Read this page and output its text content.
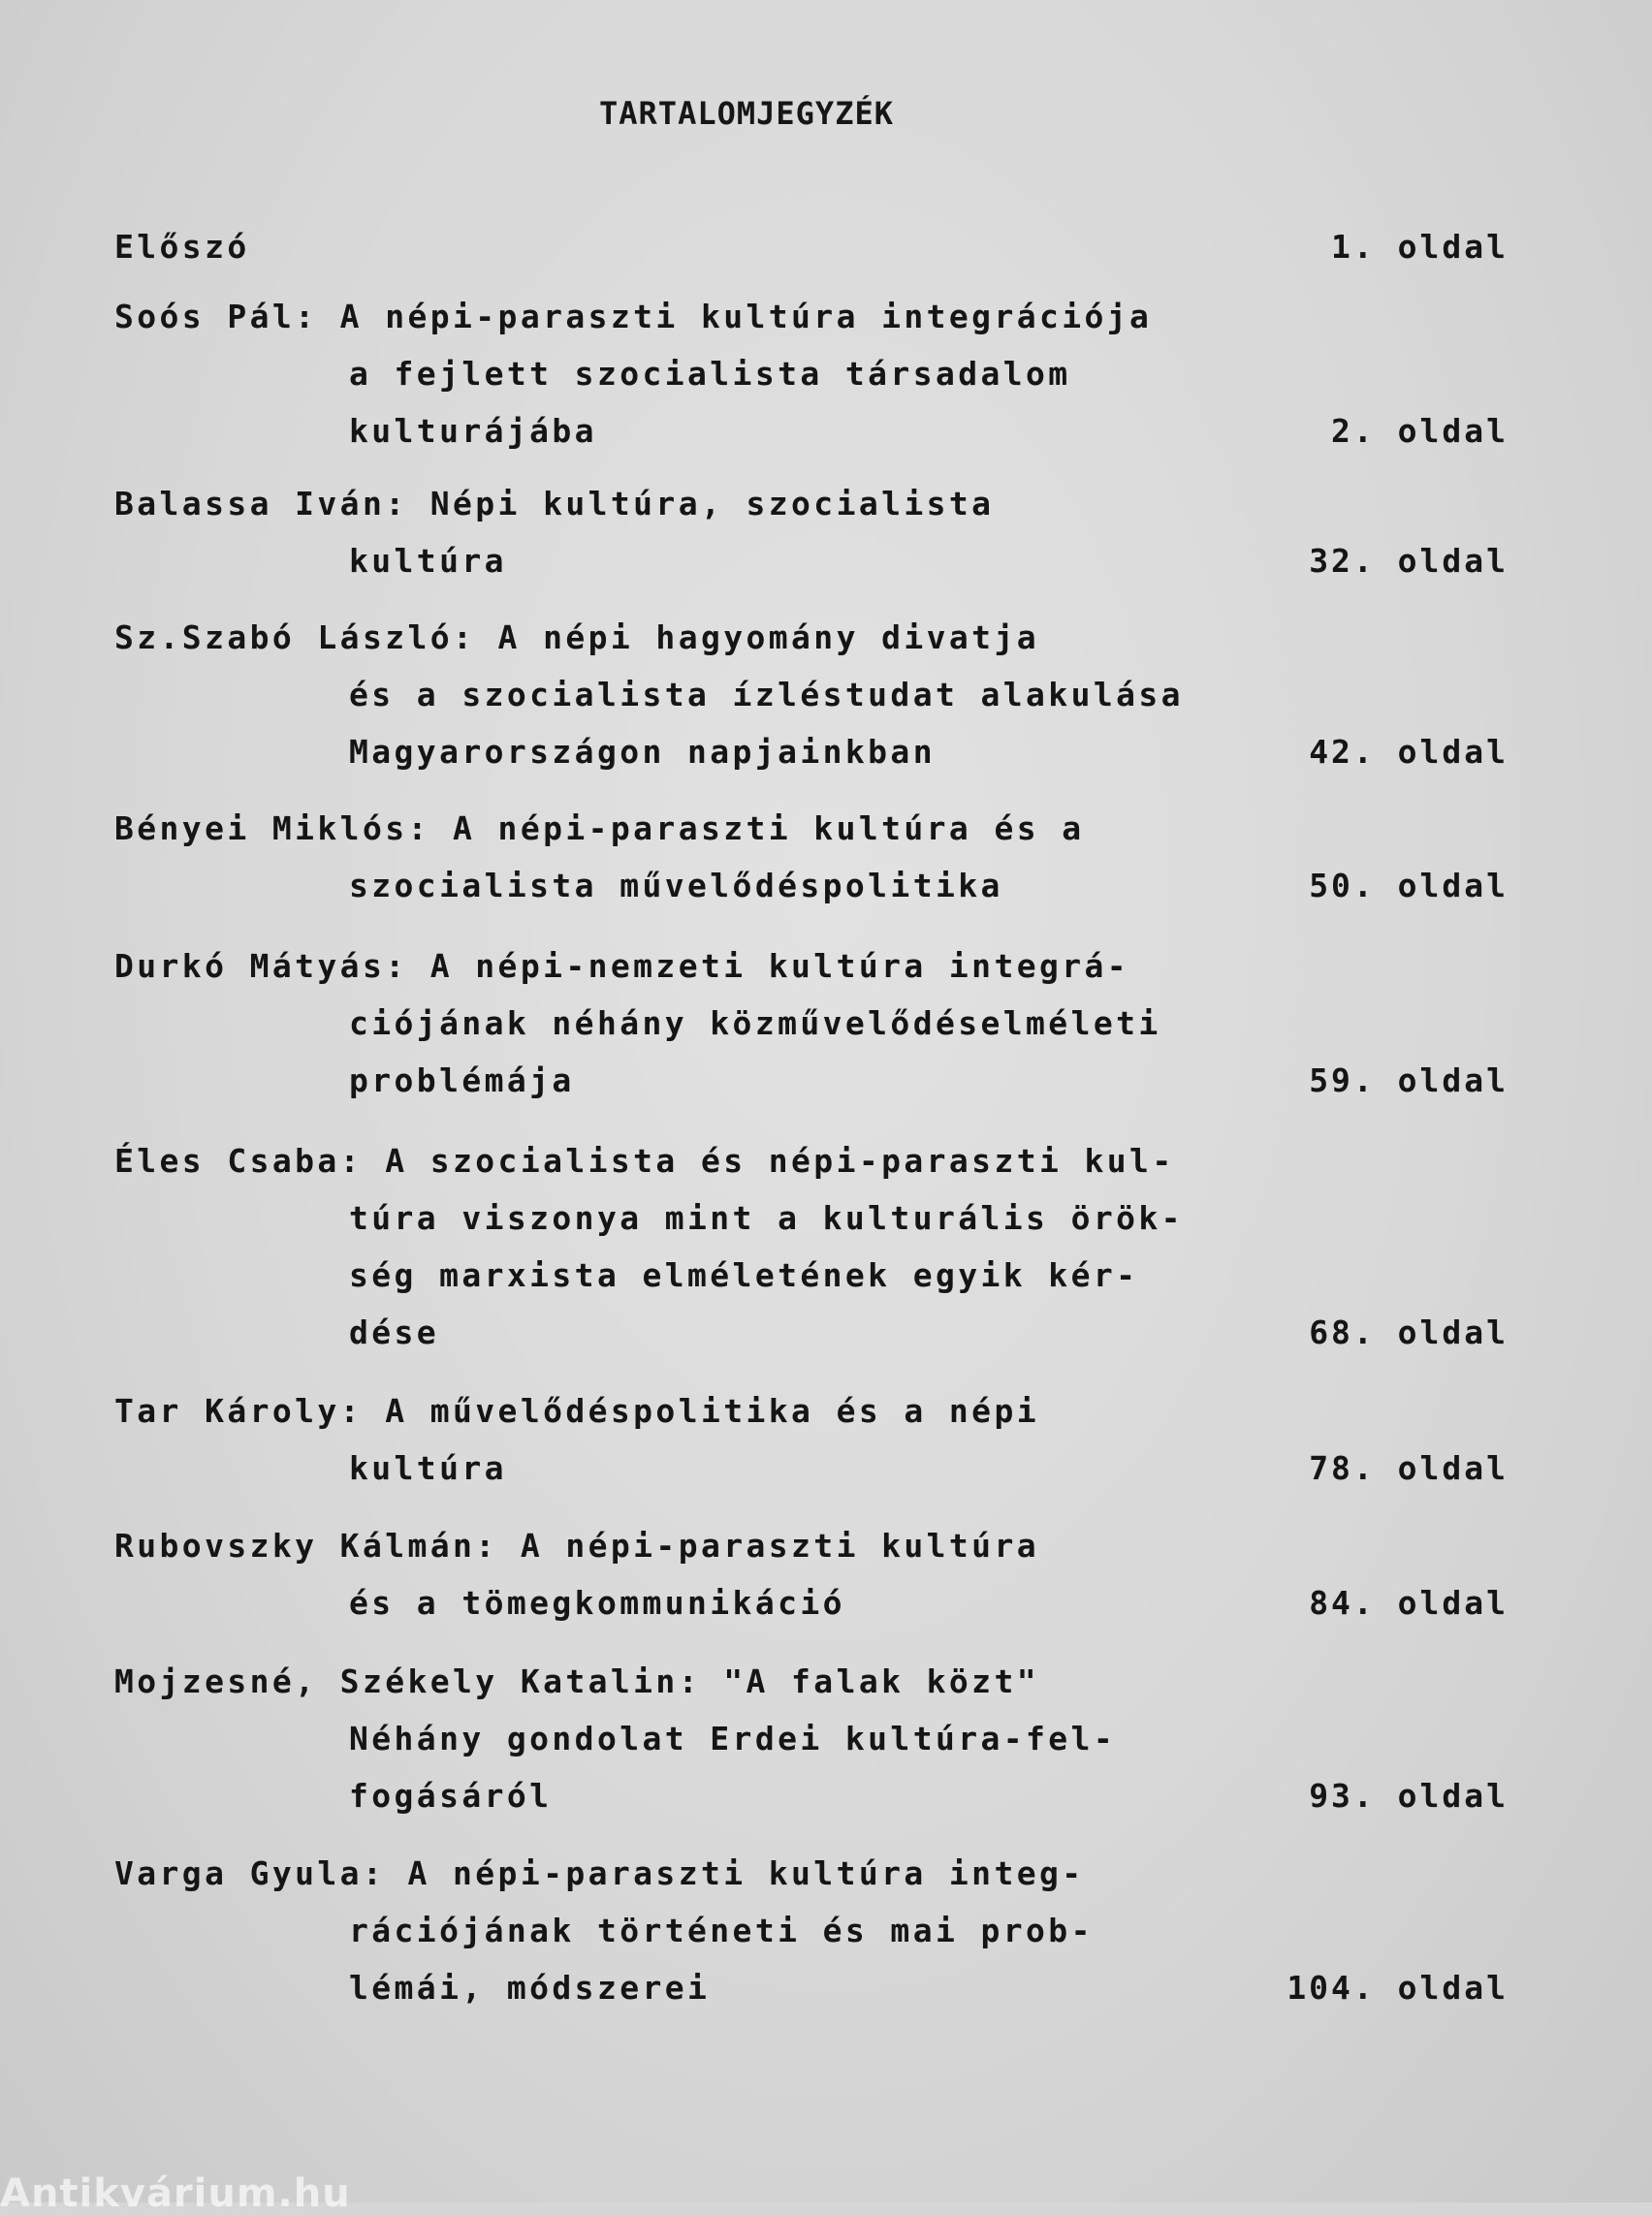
TARTALOMJEGYZÉK
Előszó	1. oldal
Soós Pál: A népi-paraszti kultúra integrációja
a fejlett szocialista társadalom
kulturájába	2. oldal
Balassa Iván: Népi kultúra, szocialista
kultúra	32. oldal
Sz.Szabó László: A népi hagyomány divatja
és a szocialista ízléstudat alakulása
Magyarországon napjainkban	42. oldal
Bényei Miklós: A népi-paraszti kultúra és a
szocialista művelődéspolitika	50. oldal
Durkó Mátyás: A népi-nemzeti kultúra integrá-
ciójának néhány közművelődéselméleti
problémája	59. oldal
Éles Csaba: A szocialista és népi-paraszti kul-
túra viszonya mint a kulturális örök-
ség marxista elméletének egyik kér-
dése	68. oldal
Tar Károly: A művelődéspolitika és a népi
kultúra	78. oldal
Rubovszky Kálmán: A népi-paraszti kultúra
és a tömegkommunikáció	84. oldal
Mojzesné, Székely Katalin: "A falak közt"
Néhány gondolat Erdei kultúra-fel-
fogásáról	93. oldal
Varga Gyula: A népi-paraszti kultúra integ-
rációjának történeti és mai prob-
lémái, módszerei	104. oldal
Antikvárium.hu
